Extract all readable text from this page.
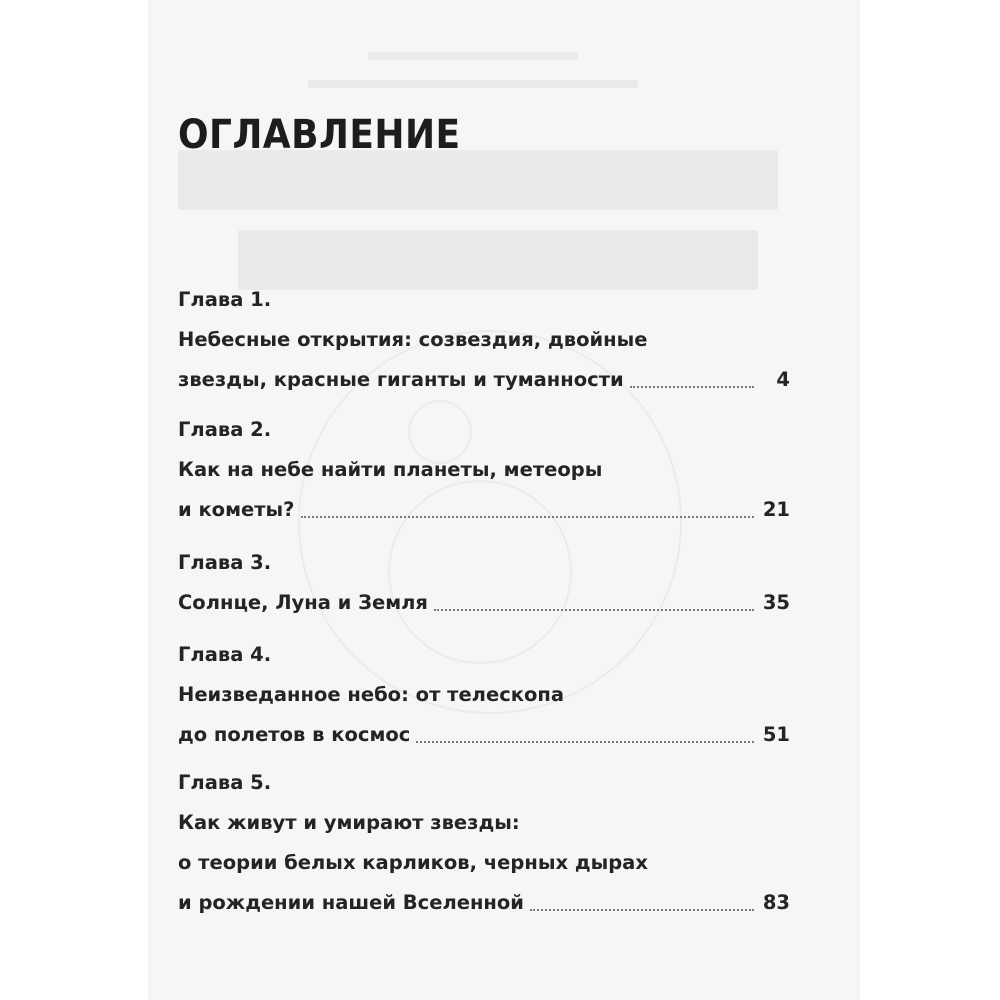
ОГЛАВЛЕНИЕ
Глава 1.
Небесные открытия: созвездия, двойные
звезды, красные гиганты и туманности	4
Глава 2.
Как на небе найти планеты, метеоры
и кометы?	21
Глава 3.
Солнце, Луна и Земля	35
Глава 4.
Неизведанное небо: от телескопа
до полетов в космос	51
Глава 5.
Как живут и умирают звезды:
о теории белых карликов, черных дырах
и рождении нашей Вселенной	83
